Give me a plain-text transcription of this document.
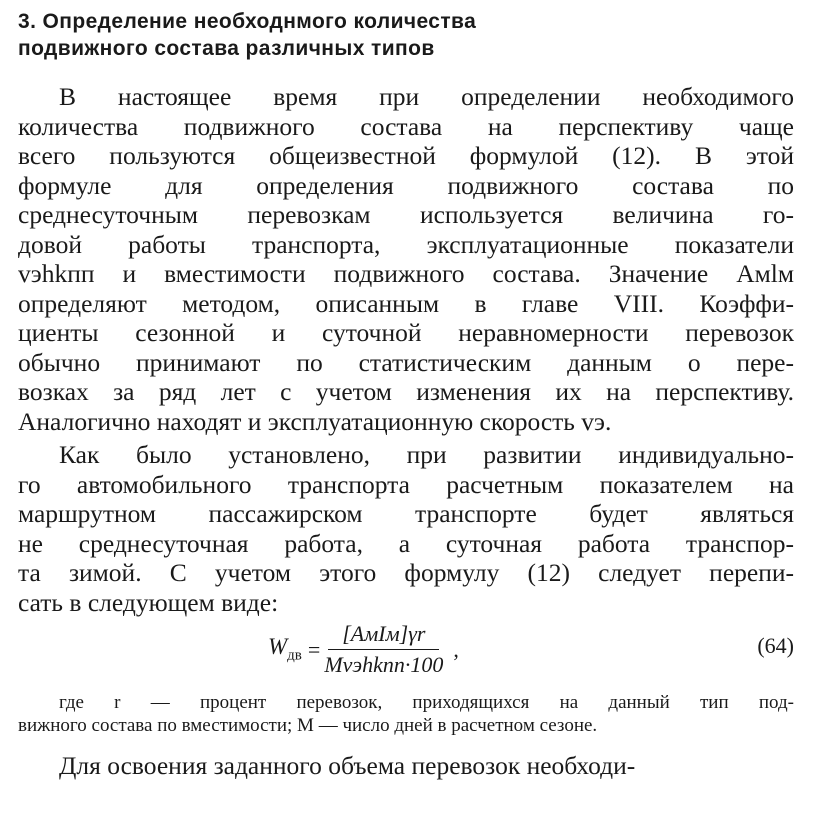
3. Определение необходнмого количества
подвижного состава различных типов
В настоящее время при определении необходимого
количества подвижного состава на перспективу чаще
всего пользуются общеизвестной формулой (12). В этой
формуле для определения подвижного состава по
среднесуточным перевозкам используется величина го-
довой работы транспорта, эксплуатационные показатели
vэhkпп и вместимости подвижного состава. Значение Aмlм
определяют методом, описанным в главе VIII. Коэффи-
циенты сезонной и суточной неравномерности перевозок
обычно принимают по статистическим данным о пере-
возках за ряд лет с учетом изменения их на перспективу.
Аналогично находят и эксплуатационную скорость vэ.
Как было установлено, при развитии индивидуально-
го автомобильного транспорта расчетным показателем на
маршрутном пассажирском транспорте будет являться
не среднесуточная работа, а суточная работа транспор-
та зимой. С учетом этого формулу (12) следует перепи-
сать в следующем виде:
$W_{дв} = \frac{\text{[AмIм]γr}}{\text{Mvэhkпп·100}}$ ,	(64)
где r — процент перевозок, приходящихся на данный тип под-
вижного состава по вместимости; M — число дней в расчетном сезоне.
Для освоения заданного объема перевозок необходи-
